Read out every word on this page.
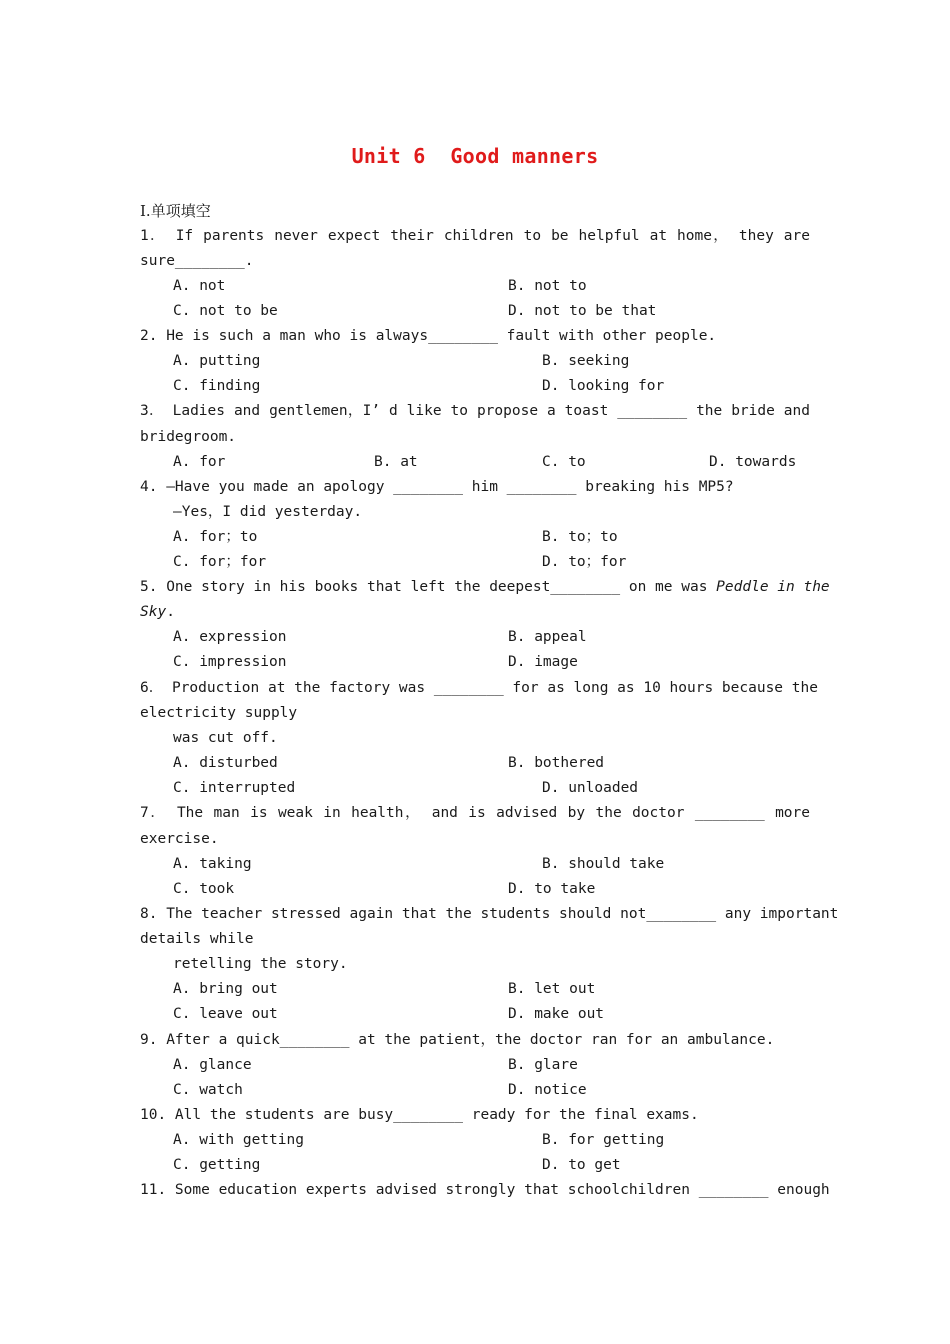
Unit 6 Good manners
Ⅰ.单项填空
1． If parents never expect their children to be helpful at home， they are
sure________.
A. not	B. not to
C. not to be	D. not to be that
2. He is such a man who is always________ fault with other people.
A. putting	B. seeking
C. finding	D. looking for
3． Ladies and gentlemen，I’ d like to propose a toast ________ the bride and
bridegroom.
A. for	B. at	C. to	D. towards
4. —Have you made an apology ________ him ________ breaking his MP5?
—Yes，I did yesterday.
A. for；to	B. to；to
C. for；for	D. to；for
5. One story in his books that left the deepest________ on me was Peddle in the
Sky.
A. expression	B. appeal
C. impression	D. image
6． Production at the factory was ________ for as long as 10 hours because the
electricity supply
was cut off.
A. disturbed	B. bothered
C. interrupted	D. unloaded
7． The man is weak in health， and is advised by the doctor ________ more
exercise.
A. taking	B. should take
C. took	D. to take
8. The teacher stressed again that the students should not________ any important
details while
retelling the story.
A. bring out	B. let out
C. leave out	D. make out
9. After a quick________ at the patient，the doctor ran for an ambulance.
A. glance	B. glare
C. watch	D. notice
10. All the students are busy________ ready for the final exams.
A. with getting	B. for getting
C. getting	D. to get
11. Some education experts advised strongly that schoolchildren ________ enough
